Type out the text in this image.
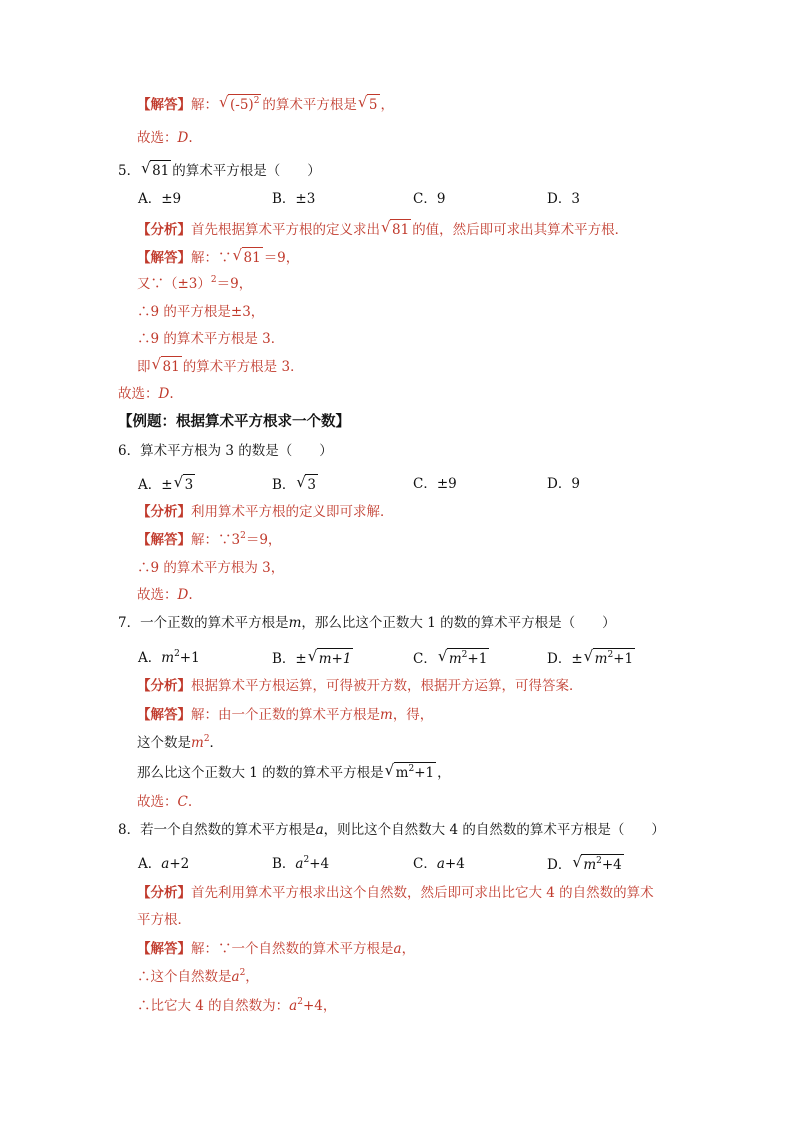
【解答】解： √ $(-5)^2$ 的算术平方根是 √ 5 ，
故选：D.
5． √ 81 的算术平方根是（　　）
A．±9	B．±3	C．9	D．3
【分析】首先根据算术平方根的定义求出 √ 81 的值，然后即可求出其算术平方根．
【解答】解：∵ √ 81 ＝9，
又$\because(\pm 3)^2=9$，
∴9 的平方根是±3，
∴9 的算术平方根是 3．
即 √ 81 的算术平方根是 3．
故选：D.
【例题：根据算术平方根求一个数】
6．算术平方根为 3 的数是（　　）
A．± √ 3	B． √ 3	C．±9	D．9
【分析】利用算术平方根的定义即可求解．
【解答】解：$\because 3^2=9$，
∴9 的算术平方根为 3，
故选：D.
7．一个正数的算术平方根是m，那么比这个正数大 1 的数的算术平方根是（　　）
A．$m^2+1$	B．± √ m+1	C． √ $m^2+1$	D．± √ $m^2+1$
【分析】根据算术平方根运算，可得被开方数，根据开方运算，可得答案．
【解答】解：由一个正数的算术平方根是m，得，
这个数是$m^2$．
那么比这个正数大 1 的数的算术平方根是 √ $m^2+1$ ，
故选：C.
8．若一个自然数的算术平方根是a，则比这个自然数大 4 的自然数的算术平方根是（　　）
A．a+2	B．$a^2+4$	C．a+4	D． √ $m^2+4$
【分析】首先利用算术平方根求出这个自然数，然后即可求出比它大 4 的自然数的算术
平方根．
【解答】解：∵一个自然数的算术平方根是a，
∴这个自然数是$a^2$，
∴比它大 4 的自然数为：$a^2+4$，
